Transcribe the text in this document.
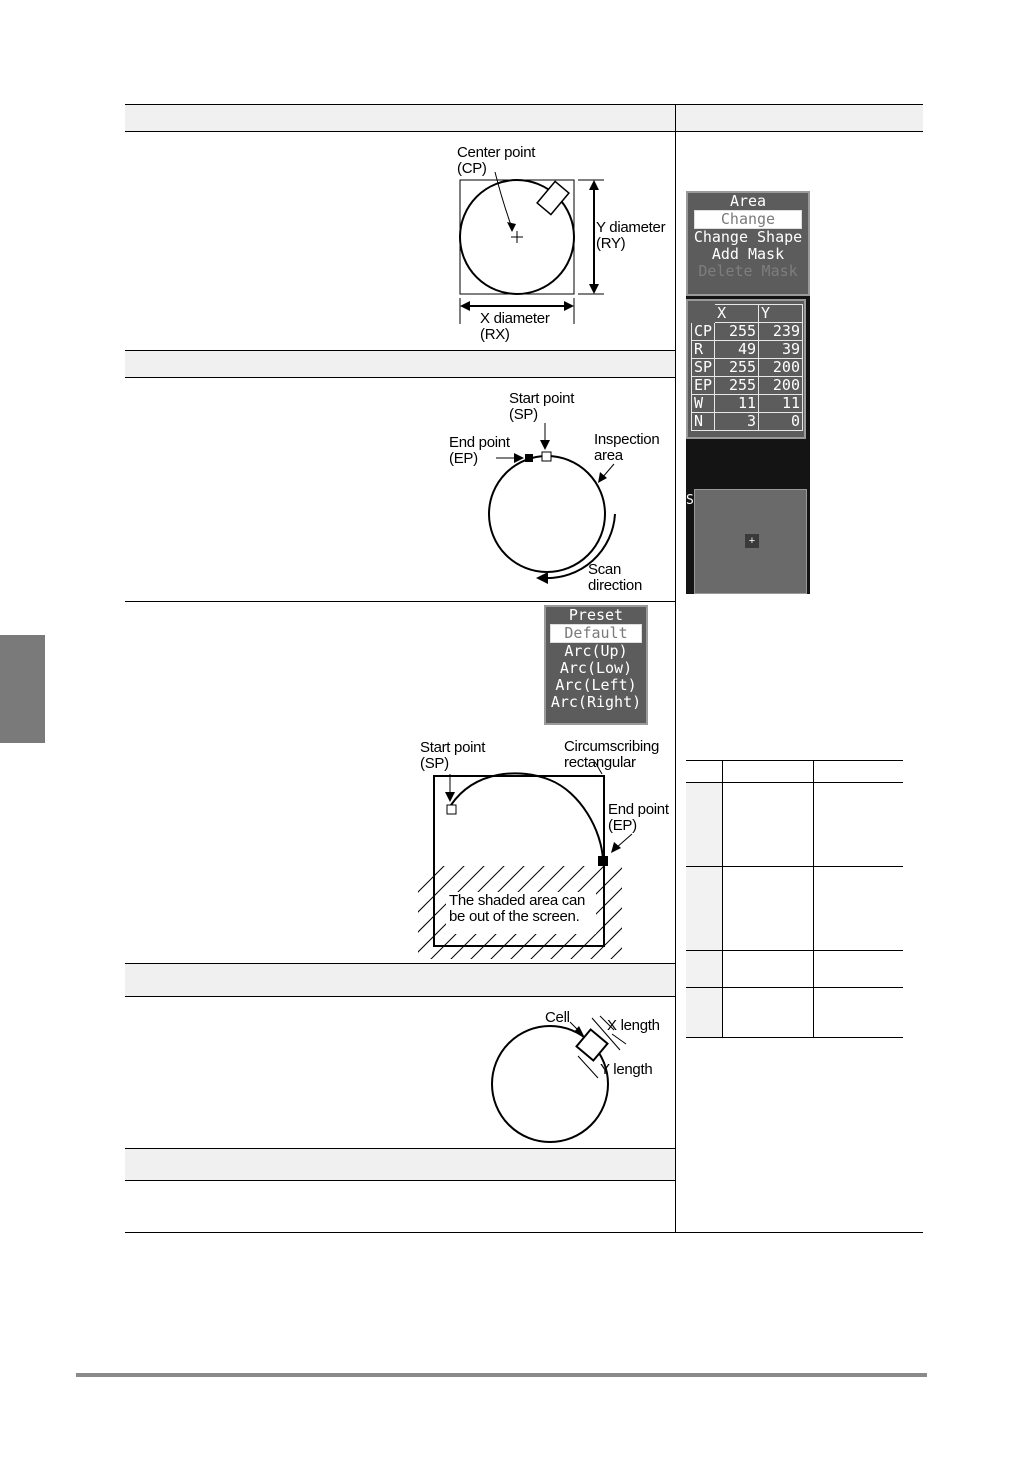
Center point
(CP)
Y diameter
(RY)
X diameter
(RX)
Start point
(SP)
End point
(EP)
Inspection
area
Scan
direction
Start point
(SP)
Circumscribing
rectangular
End point
(EP)
The shaded area can
be out of the screen.
Cell X length
Y length
Area
Change
Change Shape
Add Mask
Delete Mask
	X	Y
CP	255	239
R	49	39
SP	255	200
EP	255	200
W	11	11
N	3	0
S
+
Preset
Default
Arc(Up)
Arc(Low)
Arc(Left)
Arc(Right)
